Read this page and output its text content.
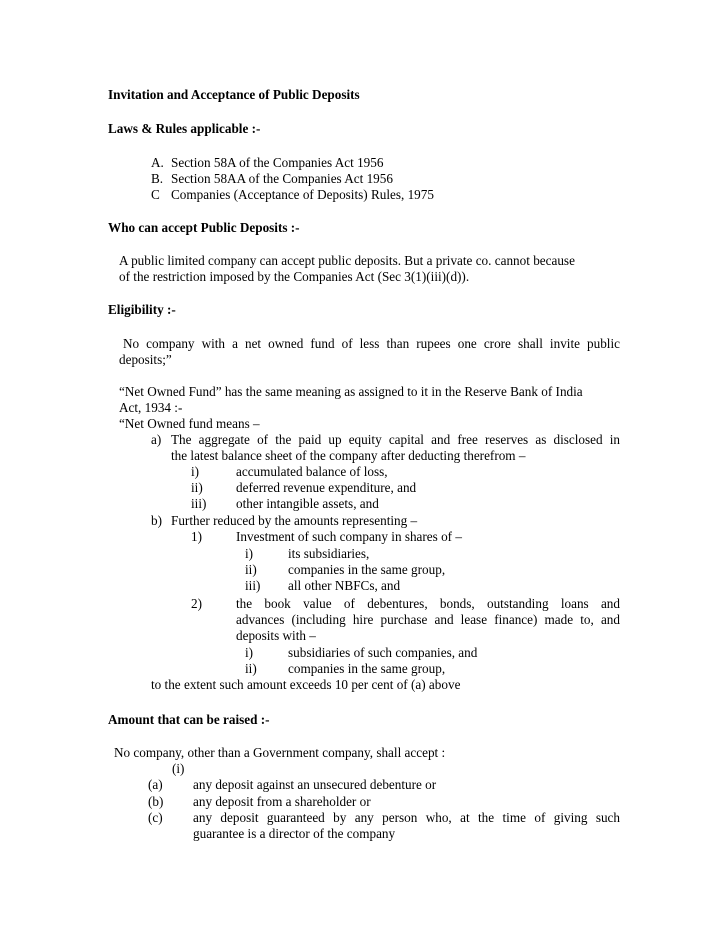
Invitation and Acceptance of Public Deposits
Laws & Rules applicable :-
A. Section 58A of the Companies Act 1956
B. Section 58AA of the Companies Act 1956
C Companies (Acceptance of Deposits) Rules, 1975
Who can accept Public Deposits :-
A public limited company can accept public deposits. But a private co. cannot because
of the restriction imposed by the Companies Act (Sec 3(1)(iii)(d)).
Eligibility :-
No company with a net owned fund of less than rupees one crore shall invite public
deposits;”
“Net Owned Fund” has the same meaning as assigned to it in the Reserve Bank of India
Act, 1934 :-
“Net Owned fund means –
a) The aggregate of the paid up equity capital and free reserves as disclosed in
the latest balance sheet of the company after deducting therefrom –
i)	accumulated balance of loss,
ii)	deferred revenue expenditure, and
iii) other intangible assets, and
b) Further reduced by the amounts representing –
1)	Investment of such company in shares of –
i)	its subsidiaries,
ii) companies in the same group,
iii) all other NBFCs, and
2)	the book value of debentures, bonds, outstanding loans and
advances (including hire purchase and lease finance) made to, and
deposits with –
i)	subsidiaries of such companies, and
ii) companies in the same group,
to the extent such amount exceeds 10 per cent of (a) above
Amount that can be raised :-
No company, other than a Government company, shall accept :
(i)
(a) any deposit against an unsecured debenture or
(b) any deposit from a shareholder or
(c) any deposit guaranteed by any person who, at the time of giving such
guarantee is a director of the company
